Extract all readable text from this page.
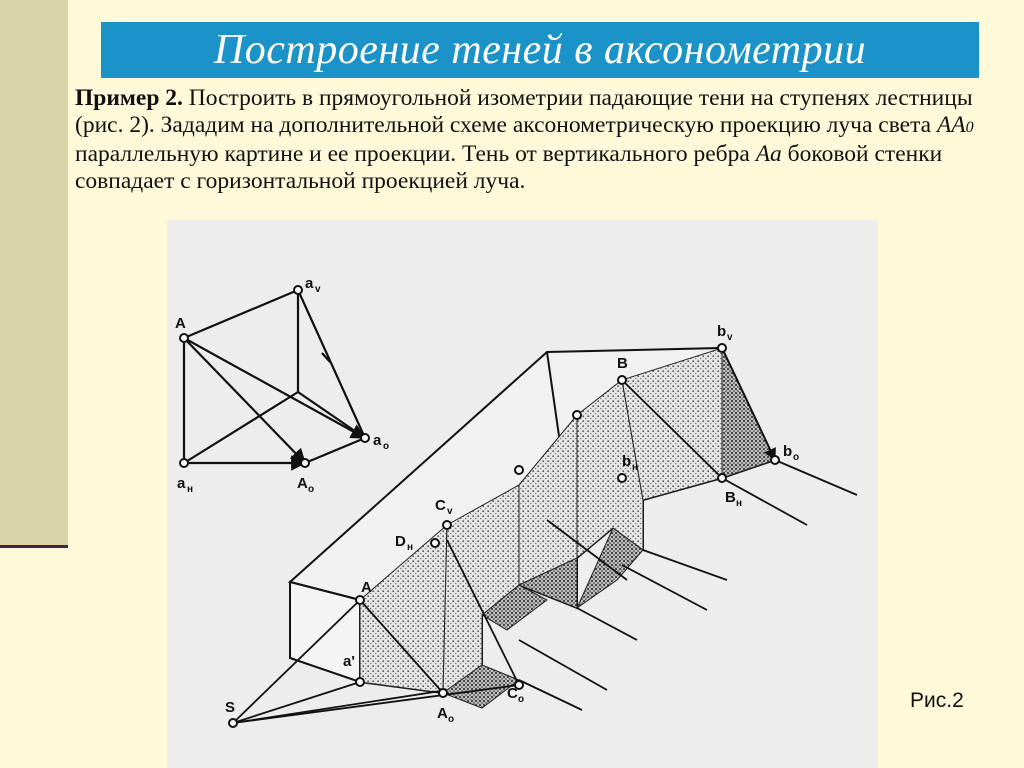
Построение теней в аксонометрии
Пример 2. Построить в прямоугольной изометрии падающие тени на ступенях лестницы (рис. 2). Зададим на дополнительной схеме аксонометрическую проекцию луча света AA0 параллельную картине и ее проекции. Тень от вертикального ребра Aa боковой стенки совпадает с горизонтальной проекцией луча.
A
a v
a o
a н	A o
b v
B
b н
b o
B н
C v
D н
A
a'
S	A o
C o	Рис.2
